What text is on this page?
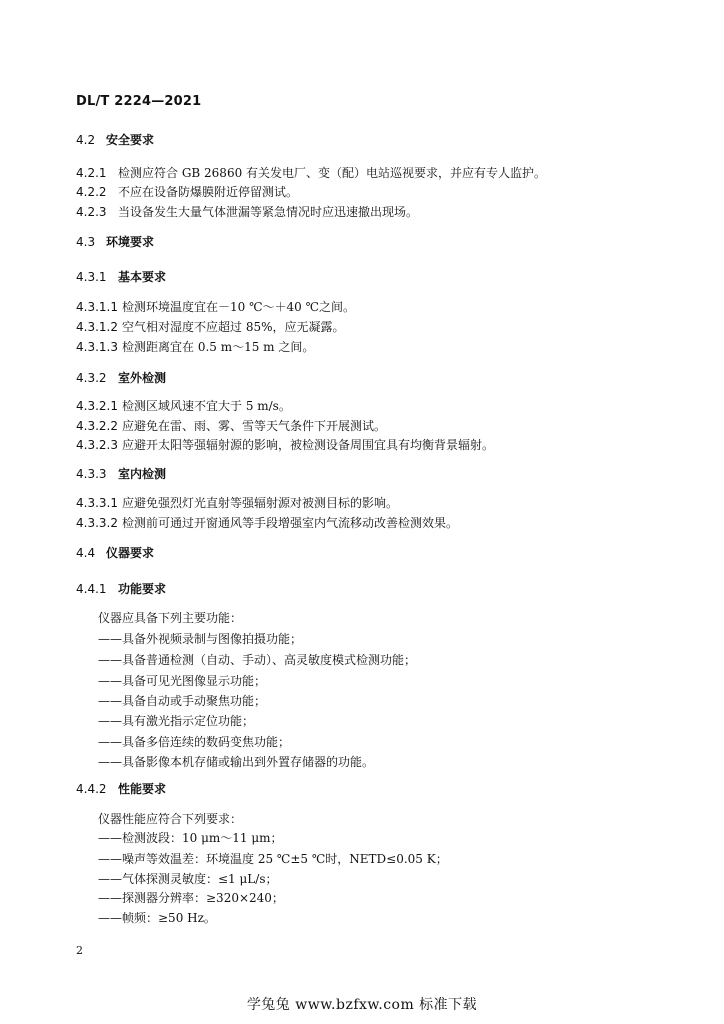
DL/T 2224—2021
4.2 安全要求
4.2.1 检测应符合 GB 26860 有关发电厂、变（配）电站巡视要求，并应有专人监护。
4.2.2 不应在设备防爆膜附近停留测试。
4.2.3 当设备发生大量气体泄漏等紧急情况时应迅速撤出现场。
4.3 环境要求
4.3.1 基本要求
4.3.1.1 检测环境温度宜在－10 ℃～＋40 ℃之间。
4.3.1.2 空气相对湿度不应超过 85%，应无凝露。
4.3.1.3 检测距离宜在 0.5 m～15 m 之间。
4.3.2 室外检测
4.3.2.1 检测区域风速不宜大于 5 m/s。
4.3.2.2 应避免在雷、雨、雾、雪等天气条件下开展测试。
4.3.2.3 应避开太阳等强辐射源的影响，被检测设备周围宜具有均衡背景辐射。
4.3.3 室内检测
4.3.3.1 应避免强烈灯光直射等强辐射源对被测目标的影响。
4.3.3.2 检测前可通过开窗通风等手段增强室内气流移动改善检测效果。
4.4 仪器要求
4.4.1 功能要求
仪器应具备下列主要功能：
——具备外视频录制与图像拍摄功能；
——具备普通检测（自动、手动）、高灵敏度模式检测功能；
——具备可见光图像显示功能；
——具备自动或手动聚焦功能；
——具有激光指示定位功能；
——具备多倍连续的数码变焦功能；
——具备影像本机存储或输出到外置存储器的功能。
4.4.2 性能要求
仪器性能应符合下列要求：
——检测波段：10 μm～11 μm；
——噪声等效温差：环境温度 25 ℃±5 ℃时，NETD≤0.05 K；
——气体探测灵敏度：≤1 μL/s；
——探测器分辨率：≥320×240；
——帧频：≥50 Hz。
2
学兔兔 www.bzfxw.com 标准下载
